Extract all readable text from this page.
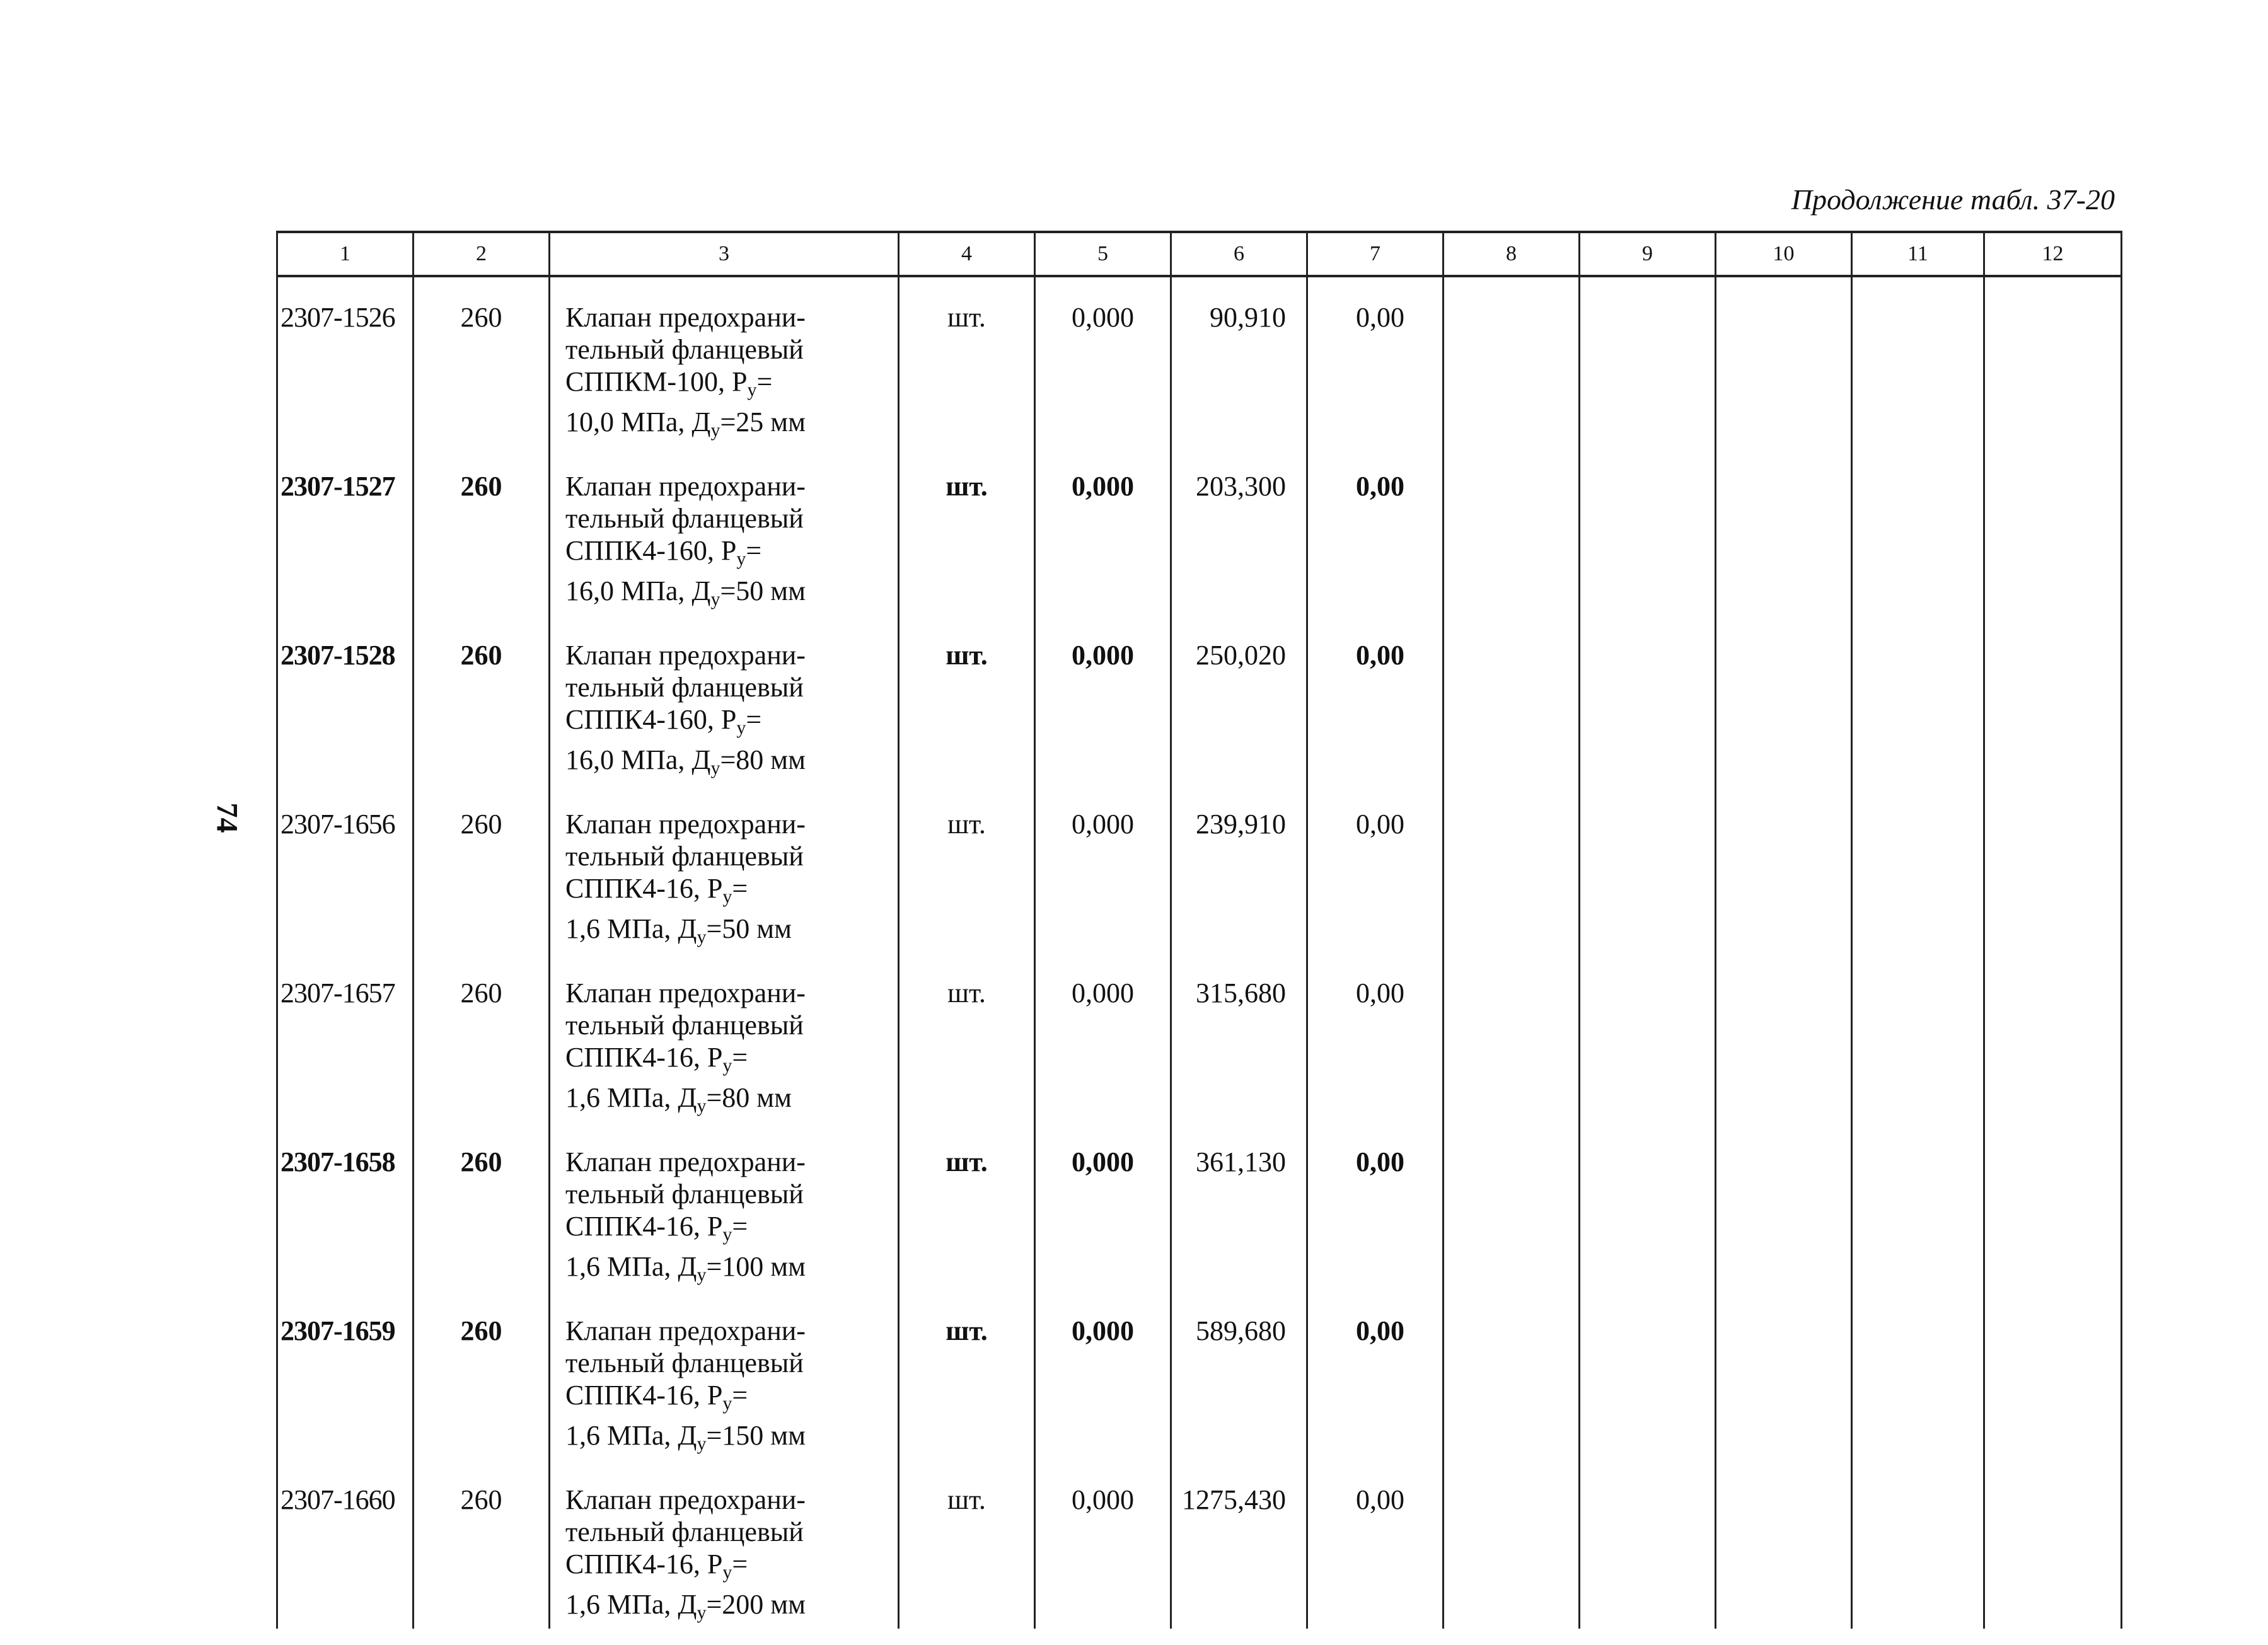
Продолжение табл. 37-20
74
1	2	3	4	5	6	7	8	9	10	11	12
2307-1526	260	Клапан предохрани-
тельный фланцевый
СППКМ-100, $Р_у=$
10,0 МПа, $Д_у=25$ мм	шт.	0,000	90,910	0,00					
2307-1527	260	Клапан предохрани-
тельный фланцевый
СППК4-160, $Р_у=$
16,0 МПа, $Д_у=50$ мм	шт.	0,000	203,300	0,00					
2307-1528	260	Клапан предохрани-
тельный фланцевый
СППК4-160, $Р_у=$
16,0 МПа, $Д_у=80$ мм	шт.	0,000	250,020	0,00					
2307-1656	260	Клапан предохрани-
тельный фланцевый
СППК4-16, $Р_у=$
1,6 МПа, $Д_у=50$ мм	шт.	0,000	239,910	0,00					
2307-1657	260	Клапан предохрани-
тельный фланцевый
СППК4-16, $Р_у=$
1,6 МПа, $Д_у=80$ мм	шт.	0,000	315,680	0,00					
2307-1658	260	Клапан предохрани-
тельный фланцевый
СППК4-16, $Р_у=$
1,6 МПа, $Д_у=100$ мм	шт.	0,000	361,130	0,00					
2307-1659	260	Клапан предохрани-
тельный фланцевый
СППК4-16, $Р_у=$
1,6 МПа, $Д_у=150$ мм	шт.	0,000	589,680	0,00					
2307-1660	260	Клапан предохрани-
тельный фланцевый
СППК4-16, $Р_у=$
1,6 МПа, $Д_у=200$ мм	шт.	0,000	1275,430	0,00					
